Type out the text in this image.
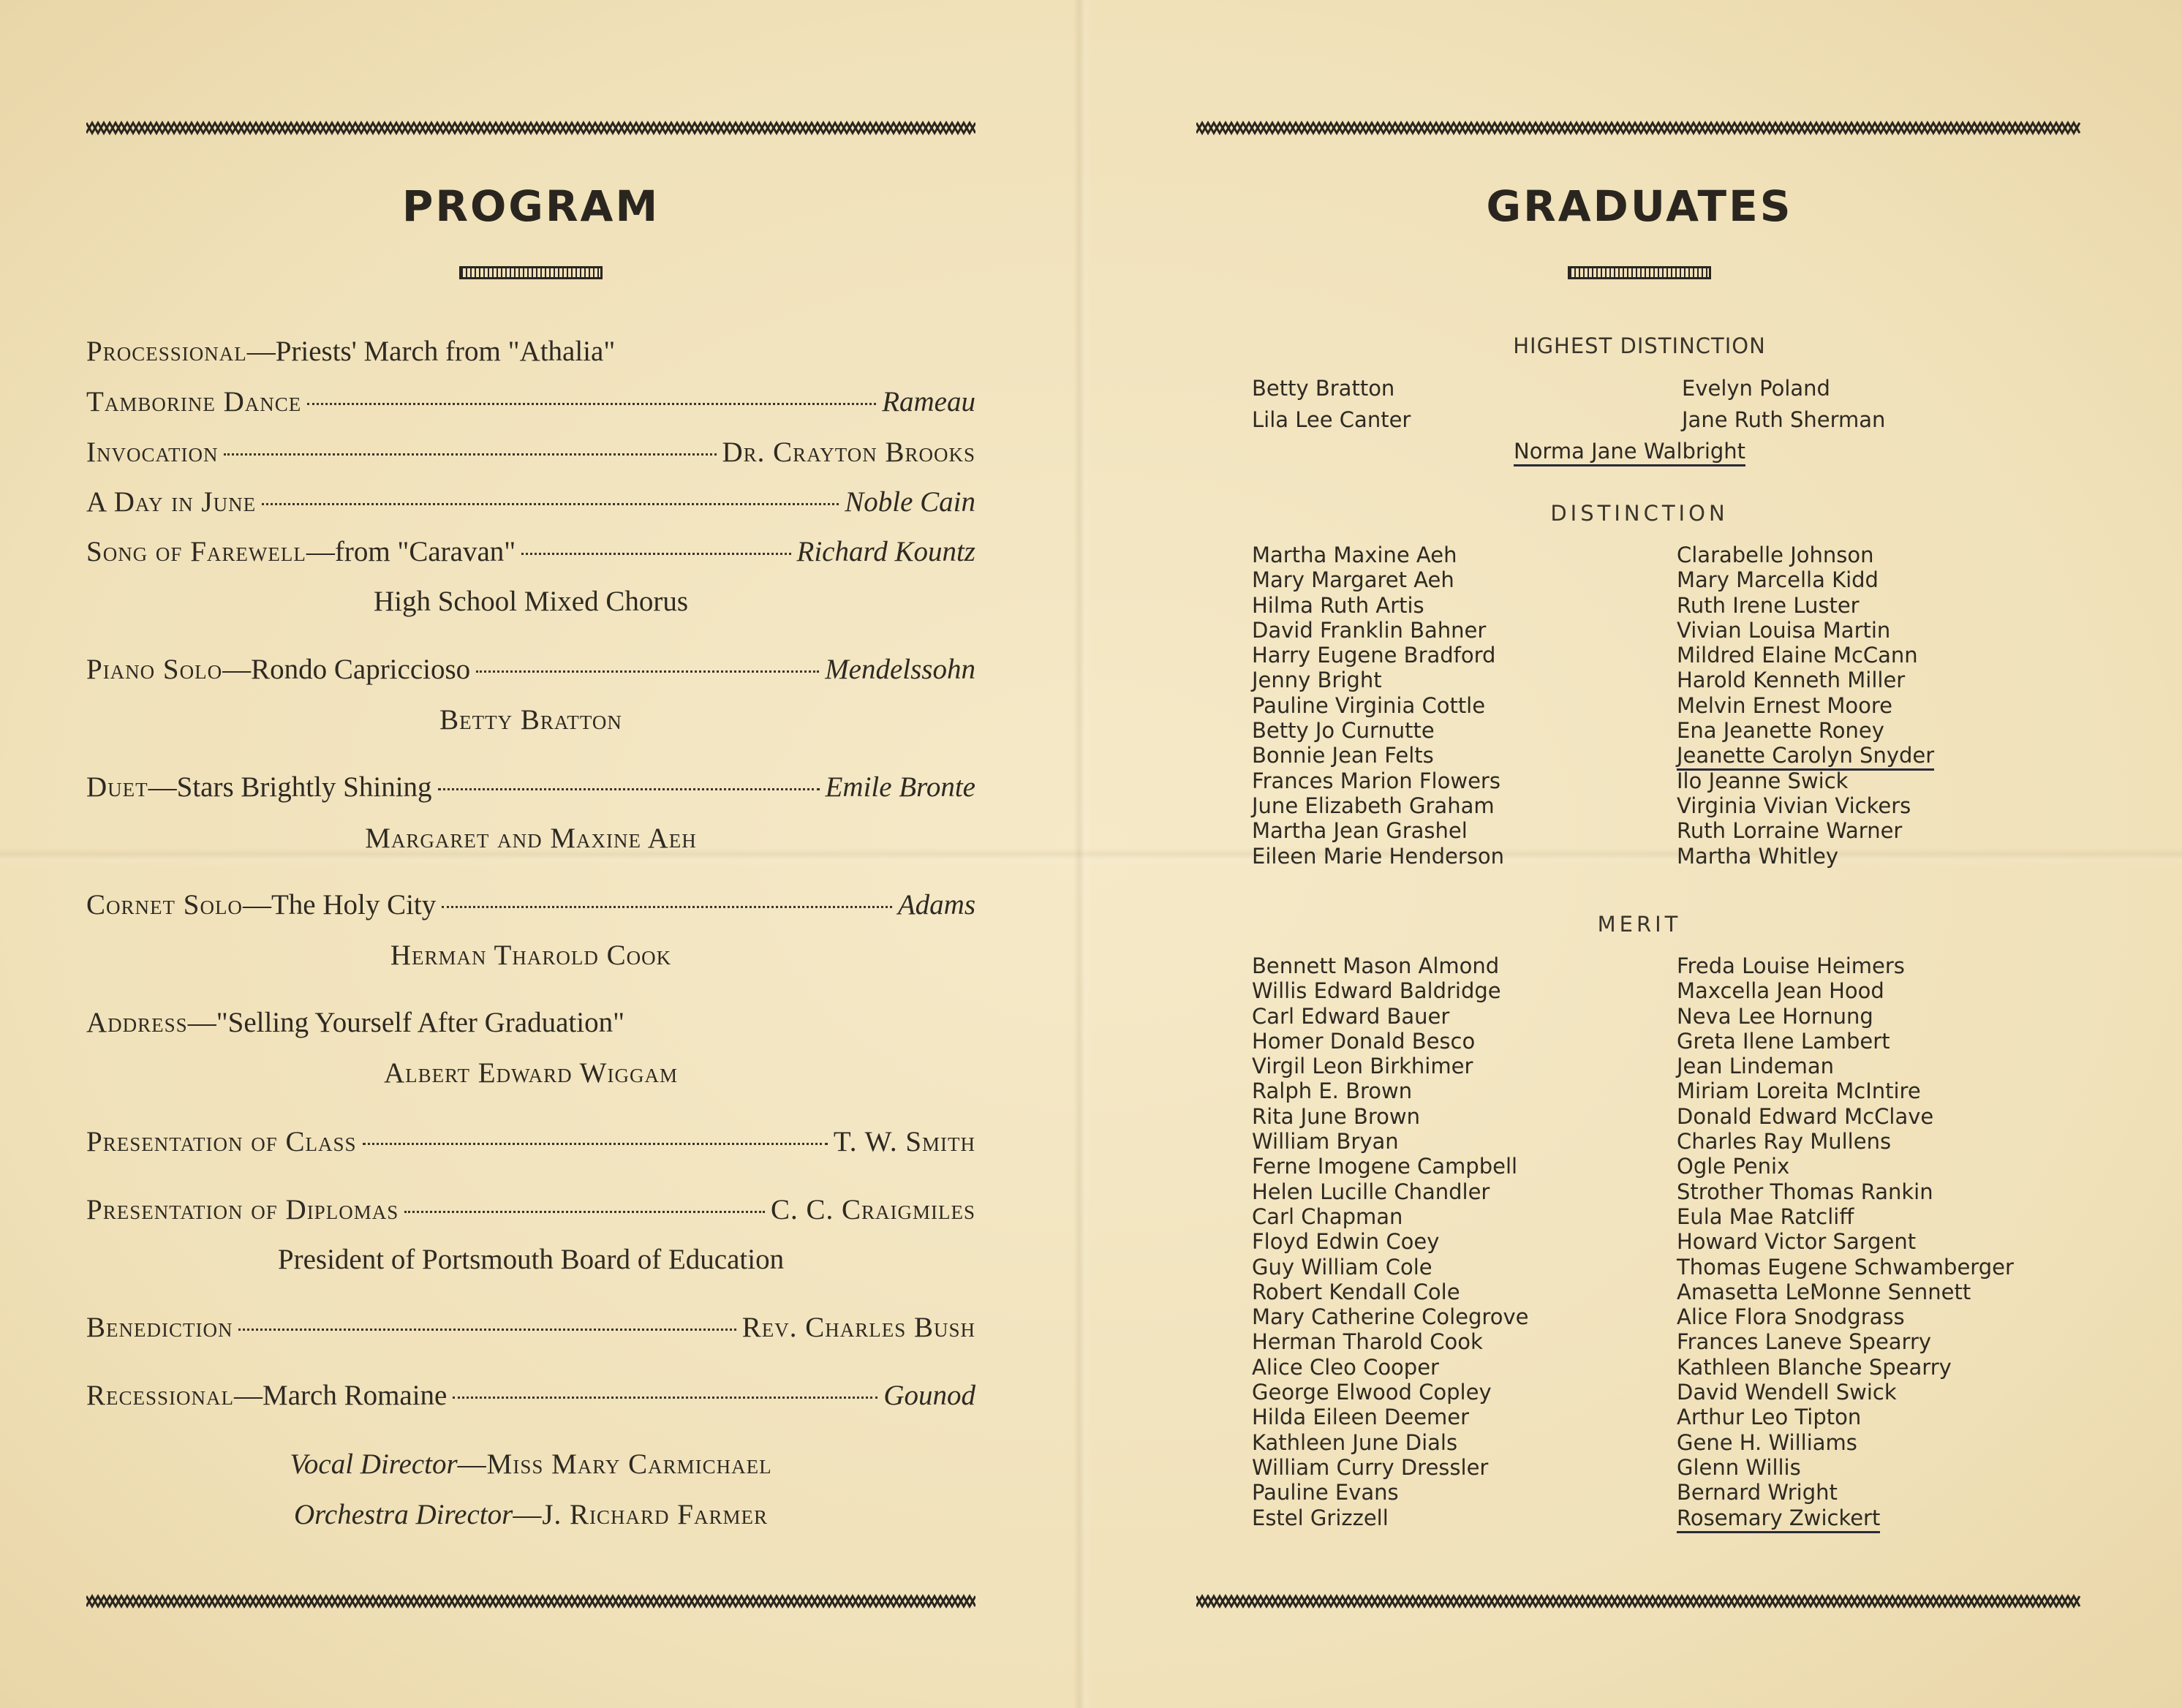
PROGRAM
Processional —Priests' March from "Athalia"
Tamborine Dance	Rameau
Invocation	Dr. Crayton Brooks
A Day in June	Noble Cain
Song of Farewell —from "Caravan"	Richard Kountz
High School Mixed Chorus
Piano Solo —Rondo Capriccioso	Mendelssohn
Betty Bratton
Duet —Stars Brightly Shining	Emile Bronte
Margaret and Maxine Aeh
Cornet Solo —The Holy City	Adams
Herman Tharold Cook
Address —"Selling Yourself After Graduation"
Albert Edward Wiggam
Presentation of Class	T. W. Smith
Presentation of Diplomas	C. C. Craigmiles
President of Portsmouth Board of Education
Benediction	Rev. Charles Bush
Recessional —March Romaine	Gounod
Vocal Director—Miss Mary Carmichael
Orchestra Director—J. Richard Farmer
GRADUATES
HIGHEST DISTINCTION
Betty Bratton
Lila Lee Canter
Evelyn Poland
Jane Ruth Sherman
Norma Jane Walbright
DISTINCTION
Martha Maxine Aeh
Mary Margaret Aeh
Hilma Ruth Artis
David Franklin Bahner
Harry Eugene Bradford
Jenny Bright
Pauline Virginia Cottle
Betty Jo Curnutte
Bonnie Jean Felts
Frances Marion Flowers
June Elizabeth Graham
Martha Jean Grashel
Eileen Marie Henderson
Clarabelle Johnson
Mary Marcella Kidd
Ruth Irene Luster
Vivian Louisa Martin
Mildred Elaine McCann
Harold Kenneth Miller
Melvin Ernest Moore
Ena Jeanette Roney
Jeanette Carolyn Snyder
Ilo Jeanne Swick
Virginia Vivian Vickers
Ruth Lorraine Warner
Martha Whitley
MERIT
Bennett Mason Almond
Willis Edward Baldridge
Carl Edward Bauer
Homer Donald Besco
Virgil Leon Birkhimer
Ralph E. Brown
Rita June Brown
William Bryan
Ferne Imogene Campbell
Helen Lucille Chandler
Carl Chapman
Floyd Edwin Coey
Guy William Cole
Robert Kendall Cole
Mary Catherine Colegrove
Herman Tharold Cook
Alice Cleo Cooper
George Elwood Copley
Hilda Eileen Deemer
Kathleen June Dials
William Curry Dressler
Pauline Evans
Estel Grizzell
Freda Louise Heimers
Maxcella Jean Hood
Neva Lee Hornung
Greta Ilene Lambert
Jean Lindeman
Miriam Loreita McIntire
Donald Edward McClave
Charles Ray Mullens
Ogle Penix
Strother Thomas Rankin
Eula Mae Ratcliff
Howard Victor Sargent
Thomas Eugene Schwamberger
Amasetta LeMonne Sennett
Alice Flora Snodgrass
Frances Laneve Spearry
Kathleen Blanche Spearry
David Wendell Swick
Arthur Leo Tipton
Gene H. Williams
Glenn Willis
Bernard Wright
Rosemary Zwickert
